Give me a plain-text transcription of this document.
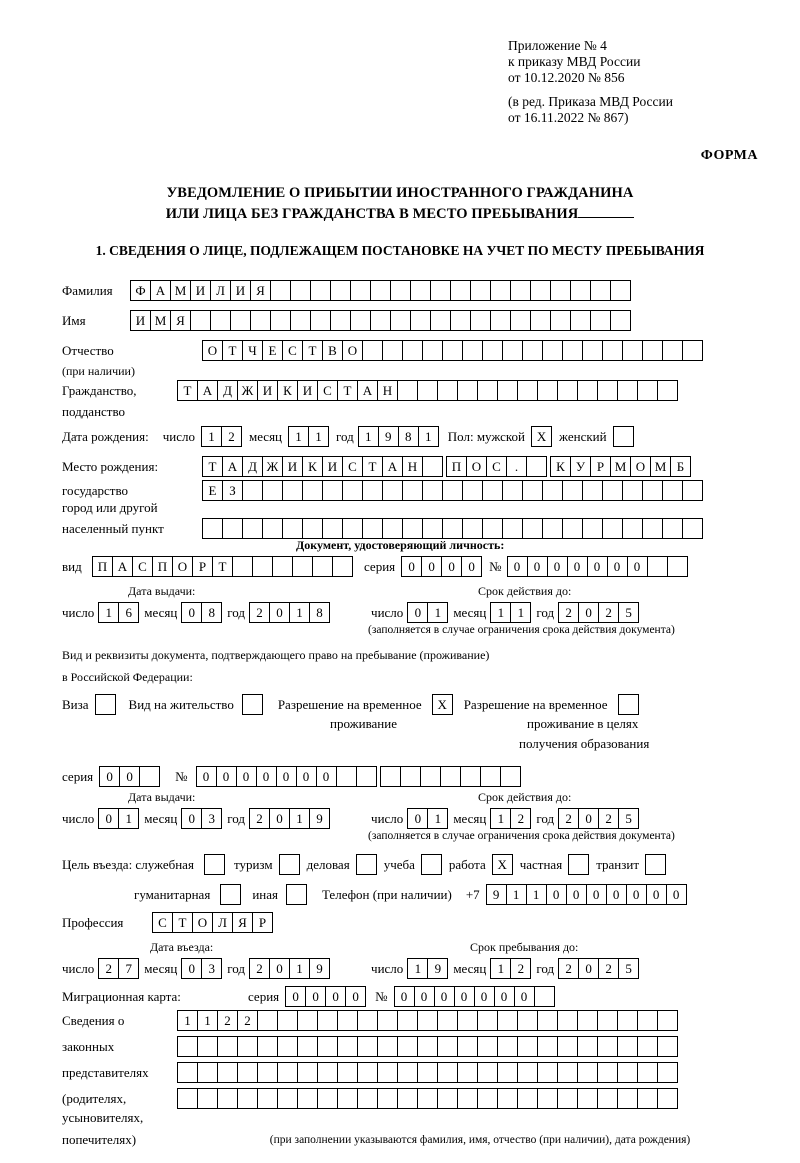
Приложение № 4
к приказу МВД России
от 10.12.2020 № 856
(в ред. Приказа МВД России
от 16.11.2022 № 867)
ФОРМА
УВЕДОМЛЕНИЕ О ПРИБЫТИИ ИНОСТРАННОГО ГРАЖДАНИНА
ИЛИ ЛИЦА БЕЗ ГРАЖДАНСТВА В МЕСТО ПРЕБЫВАНИЯ
1. СВЕДЕНИЯ О ЛИЦЕ, ПОДЛЕЖАЩЕМ ПОСТАНОВКЕ НА УЧЕТ ПО МЕСТУ ПРЕБЫВАНИЯ
Фамилия	Ф А М И Л И Я
Имя	И М Я
Отчество	О Т Ч Е С Т В О
(при наличии)
Гражданство,	Т А Д Ж И К И С Т А Н
подданство
Дата рождения: число	1	2	месяц	1	1	год 1	9	8	1	Пол: мужской Х женский
Место рождения:	Т А Д Ж И К И С Т А Н	П О С	.	К У Р М О М Б
государство	Е З
город или другой
населенный пункт
Документ, удостоверяющий личность:
вид	П А С П О Р Т	серия	0	0	0	0	№ 0	0	0	0	0	0	0
Дата выдачи:	Срок действия до:
число 1	6 месяц 0	8 год 2	0	1	8	число 0	1 месяц 1	1 год 2	0	2	5
(заполняется в случае ограничения срока действия документа)
Вид и реквизиты документа, подтверждающего право на пребывание (проживание)
в Российской Федерации:
Виза	Вид на жительство	Разрешение на временное	Х	Разрешение на временное
проживание	проживание в целях
получения образования
серия	0	0	№	0	0	0	0	0	0	0
Дата выдачи:	Срок действия до:
число 0	1 месяц 0	3 год 2	0	1	9	число 0	1 месяц 1	2 год 2	0	2	5
(заполняется в случае ограничения срока действия документа)
Цель въезда: служебная	туризм	деловая	учеба	работа Х частная	транзит
гуманитарная	иная	Телефон (при наличии) +7	9	1	1	0	0	0	0	0	0	0
Профессия	С Т О Л Я Р
Дата въезда:	Срок пребывания до:
число 2	7 месяц 0	3 год 2	0	1	9	число 1	9 месяц 1	2 год 2	0	2	5
Миграционная карта:	серия	0	0	0	0	№	0	0	0	0	0	0	0
Сведения о	1	1	2	2
законных
представителях
(родителях,
усыновителях,
попечителях)	(при заполнении указываются фамилия, имя, отчество (при наличии), дата рождения)
